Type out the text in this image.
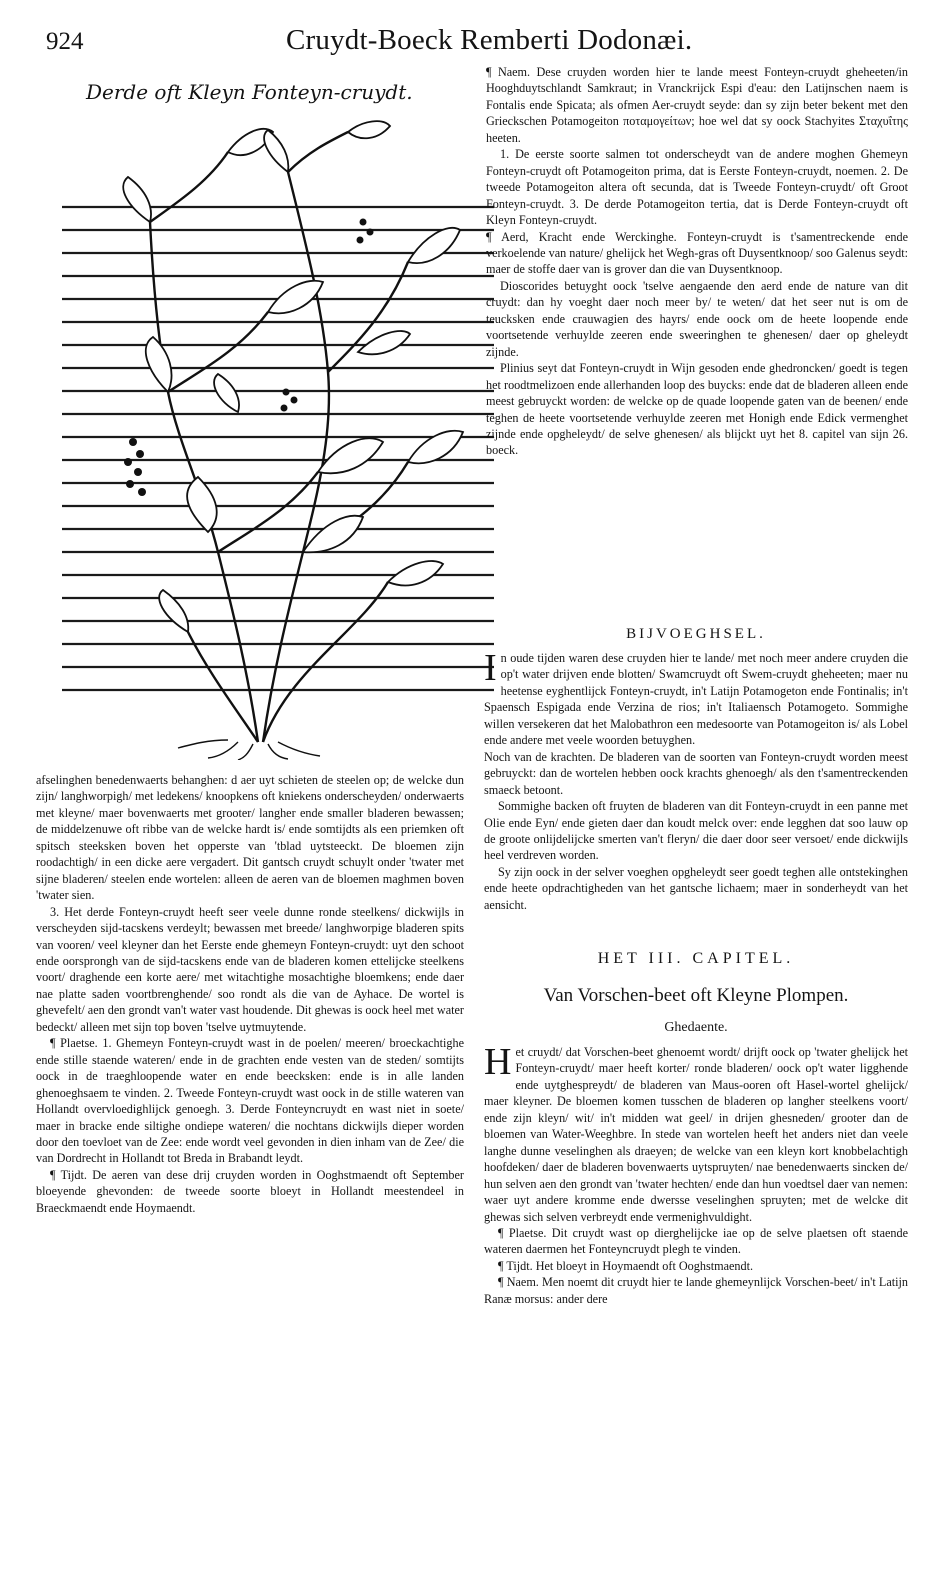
924	Cruydt-Boeck Remberti Dodonæi.
Derde oft Kleyn Fonteyn-cruydt.

¶ Naem. Dese cruyden worden hier te lande meest Fonteyn-cruydt gheheeten/in Hooghduytschlandt Samkraut; in Vranckrijck Espi d'eau: den Latijnschen naem is Fontalis ende Spicata; als ofmen Aer-cruydt seyde: dan sy zijn beter bekent met den Grieckschen Potamogeiton ποταμογείτων; hoe wel dat sy oock Stachyites Σταχυΐτης heeten.

1. De eerste soorte salmen tot onderscheydt van de andere moghen Ghemeyn Fonteyn-cruydt oft Potamogeiton prima, dat is Eerste Fonteyn-cruydt, noemen. 2. De tweede Potamogeiton altera oft secunda, dat is Tweede Fonteyn-cruydt/ oft Groot Fonteyn-cruydt. 3. De derde Potamogeiton tertia, dat is Derde Fonteyn-cruydt oft Kleyn Fonteyn-cruydt.

¶ Aerd, Kracht ende Werckinghe. Fonteyn-cruydt is t'samentreckende ende verkoelende van nature/ ghelijck het Wegh-gras oft Duysentknoop/ soo Galenus seydt: maer de stoffe daer van is grover dan die van Duysentknoop.

Dioscorides betuyght oock 'tselve aengaende den aerd ende de nature van dit cruydt: dan hy voeght daer noch meer by/ te weten/ dat het seer nut is om de teucksken ende crauwagien des hayrs/ ende oock om de heete loopende ende voortsetende verhuylde zeeren ende sweeringhen te ghenesen/ daer op gheleydt zijnde.

Plinius seyt dat Fonteyn-cruydt in Wijn gesoden ende ghedroncken/ goedt is tegen het roodtmelizoen ende allerhanden loop des buycks: ende dat de bladeren alleen ende meest gebruyckt worden: de welcke op de quade loopende gaten van de beenen/ ende teghen de heete voortsetende verhuylde zeeren met Honigh ende Edick vermenghet zijnde ende opgheleydt/ de selve ghenesen/ als blijckt uyt het 8. capitel van sijn 26. boeck.

BIJVOEGHSEL.

In oude tijden waren dese cruyden hier te lande/ met noch meer andere cruyden die op't water drijven ende blotten/ Swamcruydt oft Swem-cruydt gheheeten; maer nu heetense eyghentlijck Fonteyn-cruydt, in't Latijn Potamogeton ende Fontinalis; in't Spaensch Espigada ende Verzina de rios; in't Italiaensch Potamogeto. Sommighe willen versekeren dat het Malobathron een medesoorte van Potamogeiton is/ als Lobel ende andere met veele woorden betuyghen.

Noch van de krachten. De bladeren van de soorten van Fonteyn-cruydt worden meest gebruyckt: dan de wortelen hebben oock krachts ghenoegh/ als den t'samentreckenden smaeck betoont.

Sommighe backen oft fruyten de bladeren van dit Fonteyn-cruydt in een panne met Olie ende Eyn/ ende gieten daer dan koudt melck over: ende legghen dat soo lauw op de groote onlijdelijcke smerten van't fleryn/ die daer door seer versoet/ ende dickwijls heel verdreven worden.

Sy zijn oock in der selver voeghen opgheleydt seer goedt teghen alle ontstekinghen ende heete opdrachtigheden van het gantsche lichaem; maer in sonderheydt van het aensicht.

afselinghen benedenwaerts behanghen: d aer uyt schieten de steelen op; de welcke dun zijn/ langhworpigh/ met ledekens/ knoopkens oft kniekens onderscheyden/ onderwaerts met kleyne/ maer bovenwaerts met grooter/ langher ende smaller bladeren bewassen; de middelzenuwe oft ribbe van de welcke hardt is/ ende somtijdts als een priemken oft spitsch steeksken boven het opperste van 'tblad uytsteeckt. De bloemen zijn roodachtigh/ in een dicke aere vergadert. Dit gantsch cruydt schuylt onder 'twater met sijne bladeren/ steelen ende wortelen: alleen de aeren van de bloemen maghmen boven 'twater sien.

3. Het derde Fonteyn-cruydt heeft seer veele dunne ronde steelkens/ dickwijls in verscheyden sijd-tacskens verdeylt; bewassen met breede/ langhworpige bladeren spits van vooren/ veel kleyner dan het Eerste ende ghemeyn Fonteyn-cruydt: uyt den schoot ende oorsprongh van de sijd-tacskens ende van de bladeren komen ettelijcke steelkens voort/ draghende een korte aere/ met witachtighe mosachtighe bloemkens; ende daer nae platte saden voortbrenghende/ soo rondt als die van de Ayhace. De wortel is ghevefelt/ aen den grondt van't water vast houdende. Dit ghewas is oock heel met water bedeckt/ alleen met sijn top boven 'tselve uytmuytende.

¶ Plaetse. 1. Ghemeyn Fonteyn-cruydt wast in de poelen/ meeren/ broeckachtighe ende stille staende wateren/ ende in de grachten ende vesten van de steden/ somtijts oock in de traeghloopende water en ende beecksken: ende is in alle landen ghenoeghsaem te vinden. 2. Tweede Fonteyn-cruydt wast oock in de stille wateren van Hollandt overvloedighlijck genoegh. 3. Derde Fonteyncruydt en wast niet in soete/ maer in bracke ende siltighe ondiepe wateren/ die nochtans dickwijls dieper worden door den toevloet van de Zee: ende wordt veel gevonden in dien inham van de Zee/ die van Dordrecht in Hollandt tot Breda in Brabandt leydt.

¶ Tijdt. De aeren van dese drij cruyden worden in Ooghstmaendt oft September bloeyende ghevonden: de tweede soorte bloeyt in Hollandt meestendeel in Braeckmaendt ende Hoymaendt.

HET III. CAPITEL.
Van Vorschen-beet oft Kleyne Plompen.
Ghedaente.

Het cruydt/ dat Vorschen-beet ghenoemt wordt/ drijft oock op 'twater ghelijck het Fonteyn-cruydt/ maer heeft korter/ ronde bladeren/ oock op't water ligghende ende uytghespreydt/ de bladeren van Maus-ooren oft Hasel-wortel ghelijck/ maer kleyner. De bloemen komen tusschen de bladeren op langher steelkens voort/ ende zijn kleyn/ wit/ in't midden wat geel/ in drijen ghesneden/ grooter dan de bloemen van Water-Weeghbre. In stede van wortelen heeft het anders niet dan veele langhe dunne veselinghen als draeyen; de welcke van een kleyn kort knobbelachtigh hoofdeken/ daer de bladeren bovenwaerts uytspruyten/ nae benedenwaerts sincken de/ hun selven aen den grondt van 'twater hechten/ ende dan hun voedtsel daer van nemen: waer uyt andere kromme ende dwersse veselinghen spruyten; met de welcke dit ghewas sich selven verbreydt ende vermenighvuldight.

¶ Plaetse. Dit cruydt wast op dierghelijcke iae op de selve plaetsen oft staende wateren daermen het Fonteyncruydt plegh te vinden.

¶ Tijdt. Het bloeyt in Hoymaendt oft Ooghstmaendt.

¶ Naem. Men noemt dit cruydt hier te lande ghemeynlijck Vorschen-beet/ in't Latijn Ranæ morsus: ander dere
